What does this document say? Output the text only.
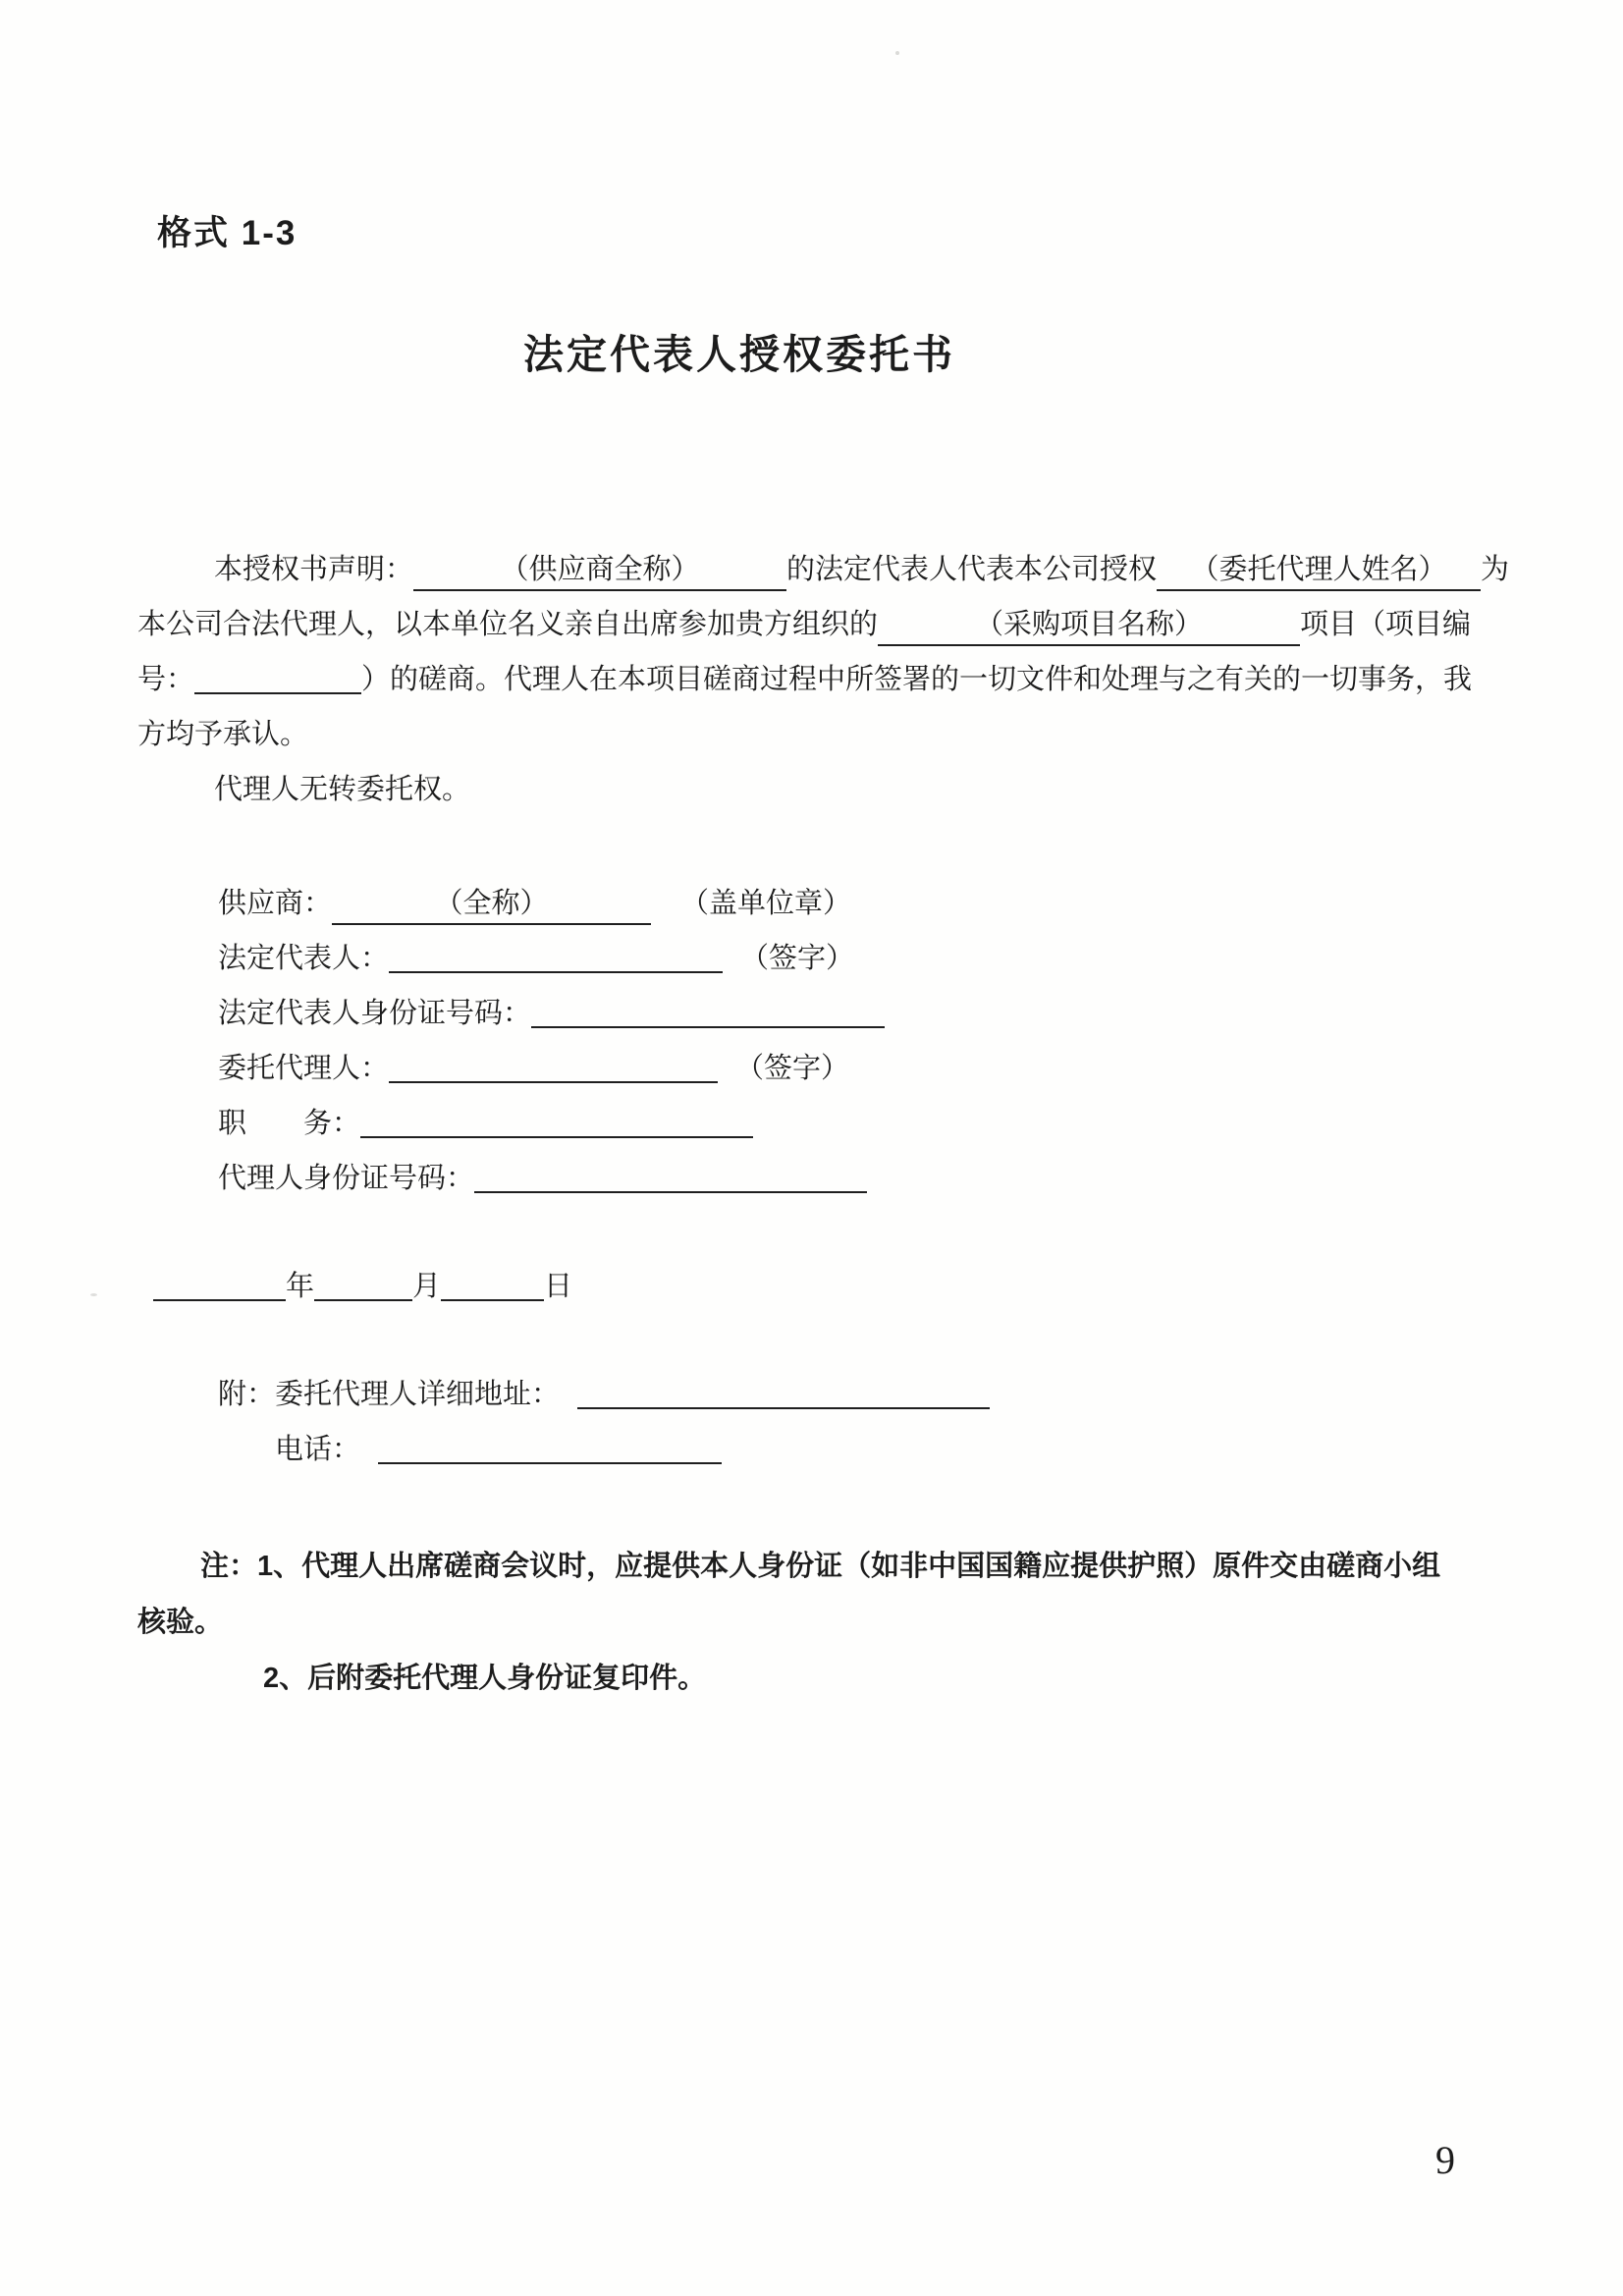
格式 1-3
法定代表人授权委托书
本授权书声明：	（供应商全称）	的法定代表人代表本公司授权 （委托代理人姓名） 为
本公司合法代理人，以本单位名义亲自出席参加贵方组织的	（采购项目名称）	项目（项目编
号：	）的磋商。代理人在本项目磋商过程中所签署的一切文件和处理与之有关的一切事务，我
方均予承认。
代理人无转委托权。
供应商：	（全称）	（盖单位章）
法定代表人：	（签字）
法定代表人身份证号码：
委托代理人：	（签字）
职　　务：
代理人身份证号码：
年	月	日
附：委托代理人详细地址：
电话：
注：1、代理人出席磋商会议时，应提供本人身份证（如非中国国籍应提供护照）原件交由磋商小组
核验。
2、后附委托代理人身份证复印件。
9
